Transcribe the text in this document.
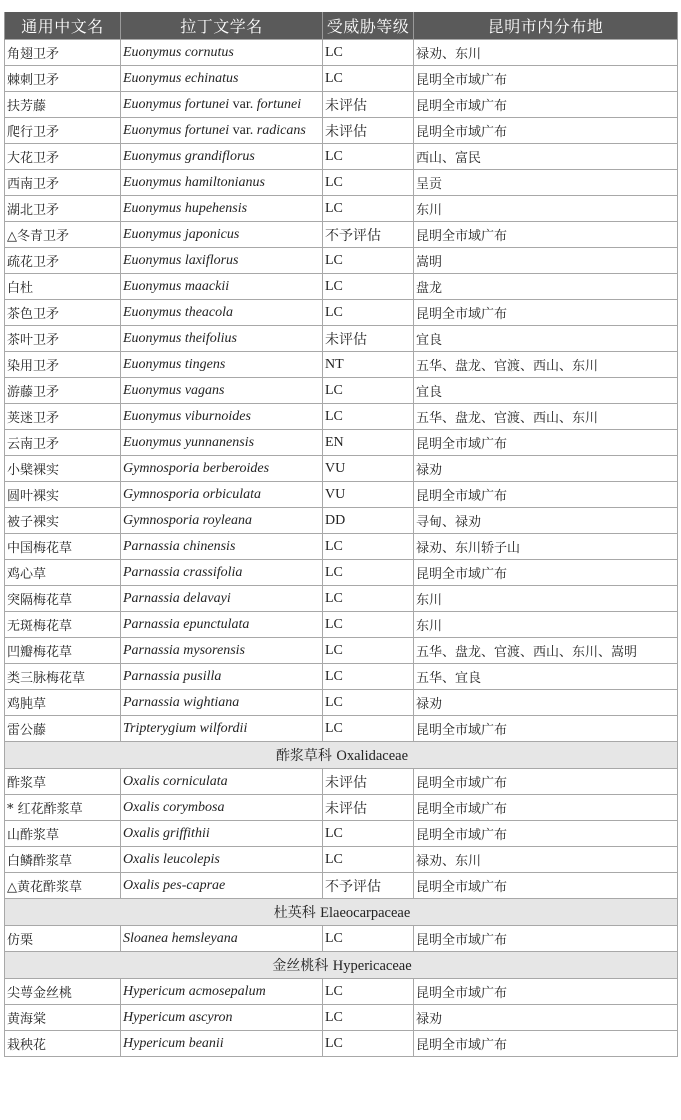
通用中文名	拉丁文学名	受威胁等级	昆明市内分布地
角翅卫矛	Euonymus cornutus	LC	禄劝、东川
棘刺卫矛	Euonymus echinatus	LC	昆明全市域广布
扶芳藤	Euonymus fortunei var. fortunei	未评估	昆明全市域广布
爬行卫矛	Euonymus fortunei var. radicans	未评估	昆明全市域广布
大花卫矛	Euonymus grandiflorus	LC	西山、富民
西南卫矛	Euonymus hamiltonianus	LC	呈贡
湖北卫矛	Euonymus hupehensis	LC	东川
△冬青卫矛	Euonymus japonicus	不予评估	昆明全市域广布
疏花卫矛	Euonymus laxiflorus	LC	嵩明
白杜	Euonymus maackii	LC	盘龙
茶色卫矛	Euonymus theacola	LC	昆明全市域广布
茶叶卫矛	Euonymus theifolius	未评估	宜良
染用卫矛	Euonymus tingens	NT	五华、盘龙、官渡、西山、东川
游藤卫矛	Euonymus vagans	LC	宜良
荚迷卫矛	Euonymus viburnoides	LC	五华、盘龙、官渡、西山、东川
云南卫矛	Euonymus yunnanensis	EN	昆明全市域广布
小檗裸实	Gymnosporia berberoides	VU	禄劝
圆叶裸实	Gymnosporia orbiculata	VU	昆明全市域广布
被子裸实	Gymnosporia royleana	DD	寻甸、禄劝
中国梅花草	Parnassia chinensis	LC	禄劝、东川轿子山
鸡心草	Parnassia crassifolia	LC	昆明全市域广布
突隔梅花草	Parnassia delavayi	LC	东川
无斑梅花草	Parnassia epunctulata	LC	东川
凹瓣梅花草	Parnassia mysorensis	LC	五华、盘龙、官渡、西山、东川、嵩明
类三脉梅花草	Parnassia pusilla	LC	五华、宜良
鸡肫草	Parnassia wightiana	LC	禄劝
雷公藤	Tripterygium wilfordii	LC	昆明全市域广布
酢浆草科 Oxalidaceae			
酢浆草	Oxalis corniculata	未评估	昆明全市域广布
* 红花酢浆草	Oxalis corymbosa	未评估	昆明全市域广布
山酢浆草	Oxalis griffithii	LC	昆明全市域广布
白鳞酢浆草	Oxalis leucolepis	LC	禄劝、东川
△黄花酢浆草	Oxalis pes-caprae	不予评估	昆明全市域广布
杜英科 Elaeocarpaceae			
仿栗	Sloanea hemsleyana	LC	昆明全市域广布
金丝桃科 Hypericaceae			
尖萼金丝桃	Hypericum acmosepalum	LC	昆明全市域广布
黄海棠	Hypericum ascyron	LC	禄劝
栽秧花	Hypericum beanii	LC	昆明全市域广布
